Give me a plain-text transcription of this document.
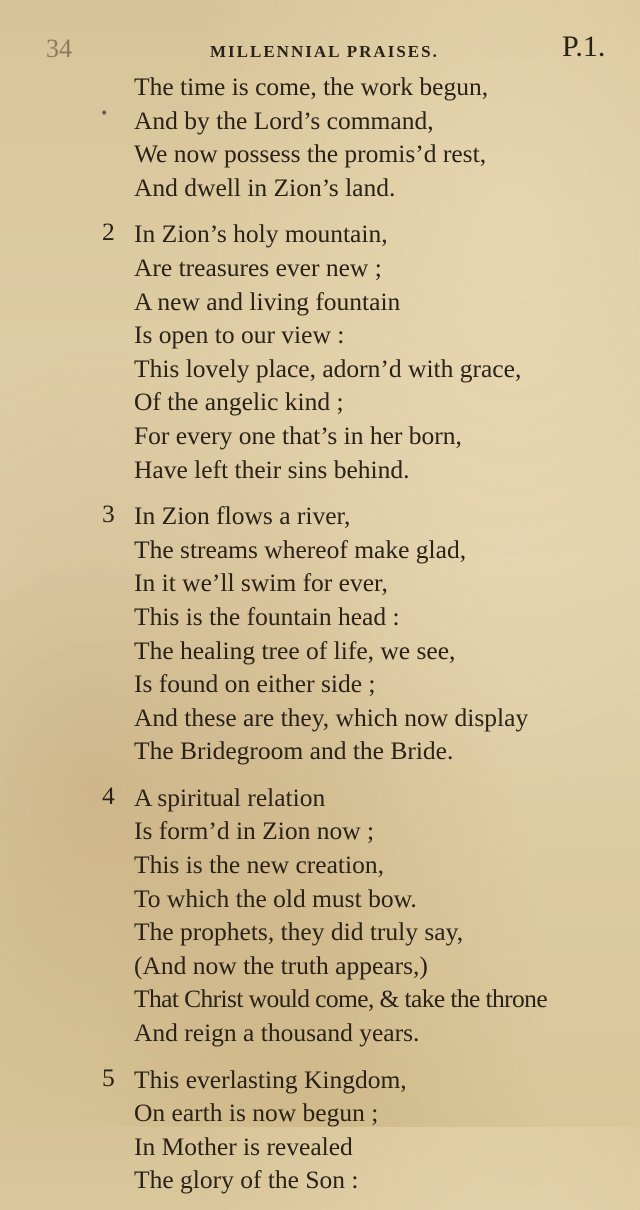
34	MILLENNIAL PRAISES.	P.1.
•
The time is come, the work begun,
And by the Lord’s command,
We now possess the promis’d rest,
And dwell in Zion’s land.
2 In Zion’s holy mountain,
Are treasures ever new ;
A new and living fountain
Is open to our view :
This lovely place, adorn’d with grace,
Of the angelic kind ;
For every one that’s in her born,
Have left their sins behind.
3 In Zion flows a river,
The streams whereof make glad,
In it we’ll swim for ever,
This is the fountain head :
The healing tree of life, we see,
Is found on either side ;
And these are they, which now display
The Bridegroom and the Bride.
4 A spiritual relation
Is form’d in Zion now ;
This is the new creation,
To which the old must bow.
The prophets, they did truly say,
(And now the truth appears,)
That Christ would come, & take the throne
And reign a thousand years.
5 This everlasting Kingdom,
On earth is now begun ;
In Mother is revealed
The glory of the Son :
